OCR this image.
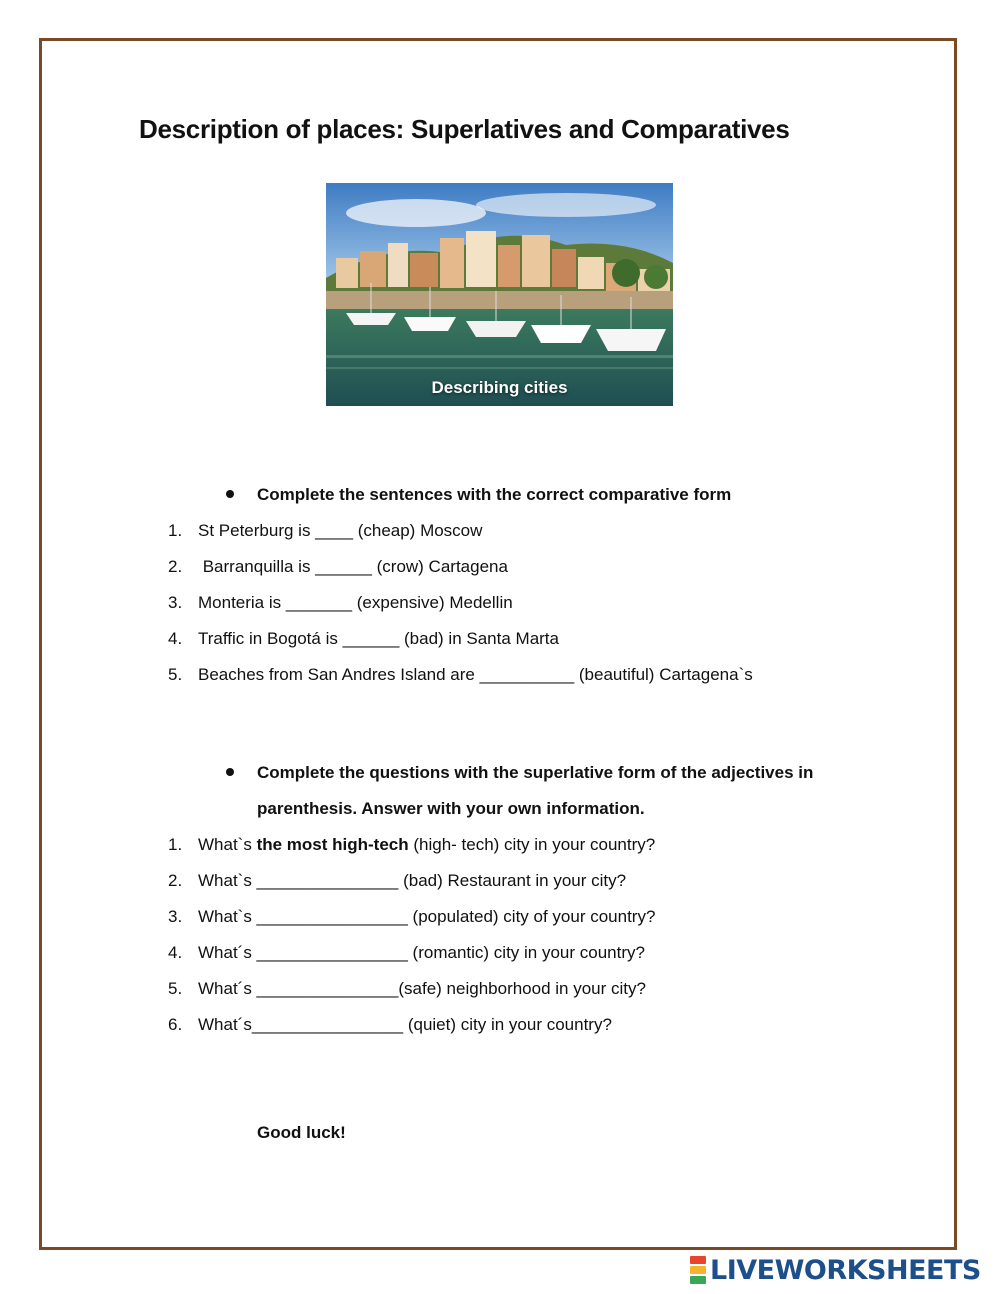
Description of places: Superlatives and Comparatives
Describing cities
Complete the sentences with the correct comparative form
1. St Peterburg is ____ (cheap) Moscow
2. Barranquilla is ______ (crow) Cartagena
3. Monteria is _______ (expensive) Medellin
4. Traffic in Bogotá is ______ (bad) in Santa Marta
5. Beaches from San Andres Island are __________ (beautiful) Cartagena`s
Complete the questions with the superlative form of the adjectives in
parenthesis. Answer with your own information.
1. What`s the most high-tech (high- tech) city in your country?
2. What`s _______________ (bad) Restaurant in your city?
3. What`s ________________ (populated) city of your country?
4. What´s ________________ (romantic) city in your country?
5. What´s _______________(safe) neighborhood in your city?
6. What´s________________ (quiet) city in your country?
Good luck!
LIVEWORKSHEETS
